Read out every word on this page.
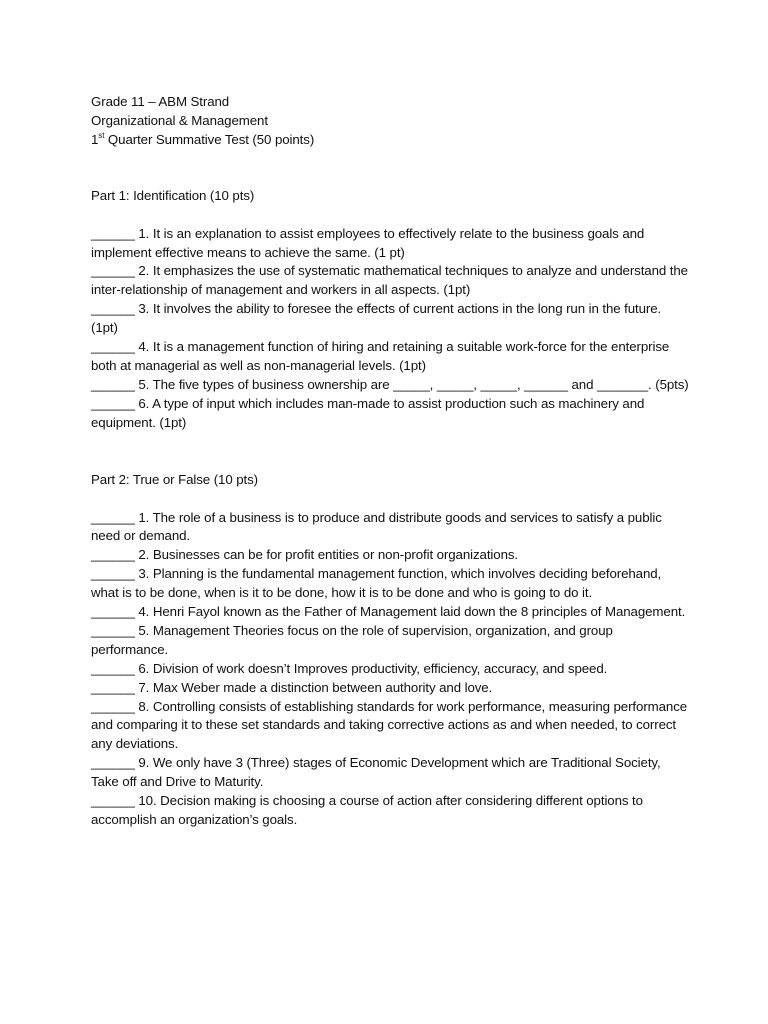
Grade 11 – ABM Strand
Organizational & Management
1st Quarter Summative Test (50 points)
Part 1: Identification (10 pts)
______ 1. It is an explanation to assist employees to effectively relate to the business goals and implement effective means to achieve the same. (1 pt)
______ 2. It emphasizes the use of systematic mathematical techniques to analyze and understand the inter-relationship of management and workers in all aspects. (1pt)
______ 3. It involves the ability to foresee the effects of current actions in the long run in the future. (1pt)
______ 4. It is a management function of hiring and retaining a suitable work-force for the enterprise both at managerial as well as non-managerial levels. (1pt)
______ 5. The five types of business ownership are _____, _____, _____, ______ and _______. (5pts)
______ 6. A type of input which includes man-made to assist production such as machinery and equipment. (1pt)
Part 2: True or False (10 pts)
______ 1. The role of a business is to produce and distribute goods and services to satisfy a public need or demand.
______ 2. Businesses can be for profit entities or non-profit organizations.
______ 3. Planning is the fundamental management function, which involves deciding beforehand, what is to be done, when is it to be done, how it is to be done and who is going to do it.
______ 4. Henri Fayol known as the Father of Management laid down the 8 principles of Management.
______ 5. Management Theories focus on the role of supervision, organization, and group performance.
______ 6. Division of work doesn’t Improves productivity, efficiency, accuracy, and speed.
______ 7. Max Weber made a distinction between authority and love.
______ 8. Controlling consists of establishing standards for work performance, measuring performance and comparing it to these set standards and taking corrective actions as and when needed, to correct any deviations.
______ 9. We only have 3 (Three) stages of Economic Development which are Traditional Society, Take off and Drive to Maturity.
______ 10. Decision making is choosing a course of action after considering different options to accomplish an organization’s goals.
